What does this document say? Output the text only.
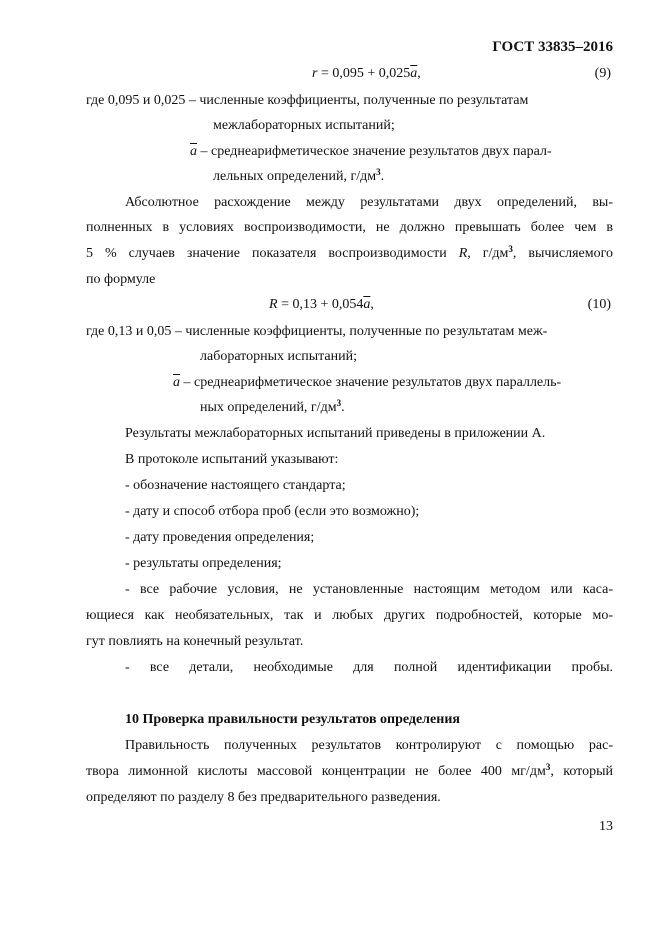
ГОСТ 33835–2016
$r = 0,095 + 0,025\overline{a}$,	(9)
где 0,095 и 0,025 – численные коэффициенты, полученные по результатам
межлабораторных испытаний;
$\overline{a}$ – среднеарифметическое значение результатов двух парал-
лельных определений, $г/дм^3$.
Абсолютное расхождение между результатами двух определений, вы-
полненных в условиях воспроизводимости, не должно превышать более чем в
5 % случаев значение показателя воспроизводимости R, $г/дм^3$, вычисляемого
по формуле
$R = 0,13 + 0,054\overline{a}$,	(10)
где 0,13 и 0,05 – численные коэффициенты, полученные по результатам меж-
лабораторных испытаний;
$\overline{a}$ – среднеарифметическое значение результатов двух параллель-
ных определений, $г/дм^3$.
Результаты межлабораторных испытаний приведены в приложении А.
В протоколе испытаний указывают:
- обозначение настоящего стандарта;
- дату и способ отбора проб (если это возможно);
- дату проведения определения;
- результаты определения;
- все рабочие условия, не установленные настоящим методом или каса-
ющиеся как необязательных, так и любых других подробностей, которые мо-
гут повлиять на конечный результат.
- все детали, необходимые для полной идентификации пробы.
10 Проверка правильности результатов определения
Правильность полученных результатов контролируют с помощью рас-
твора лимонной кислоты массовой концентрации не более 400 $мг/дм^3$, который
определяют по разделу 8 без предварительного разведения.
13
